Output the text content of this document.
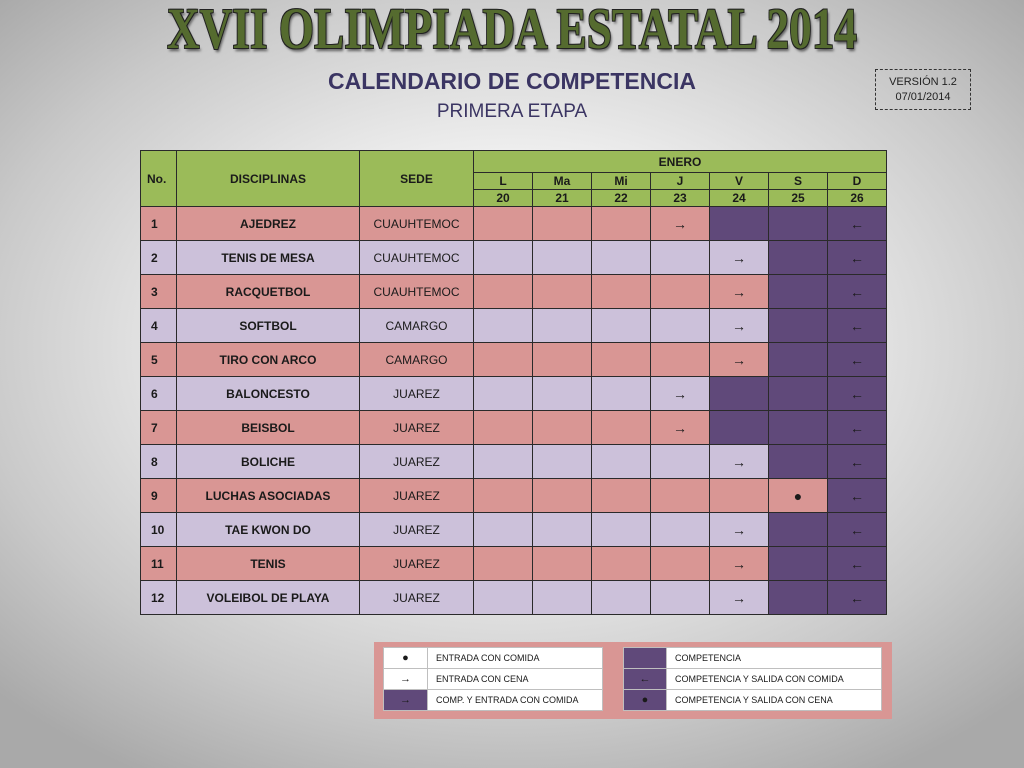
XVII OLIMPIADA ESTATAL 2014
CALENDARIO DE COMPETENCIA
PRIMERA ETAPA
VERSIÓN 1.2
07/01/2014
No.	DISCIPLINAS	SEDE	ENERO						
			L	Ma	Mi	J	V	S	D
			20	21	22	23	24	25	26
1	AJEDREZ	CUAUHTEMOC				→			←
2	TENIS DE MESA	CUAUHTEMOC					→		←
3	RACQUETBOL	CUAUHTEMOC					→		←
4	SOFTBOL	CAMARGO					→		←
5	TIRO CON ARCO	CAMARGO					→		←
6	BALONCESTO	JUAREZ				→			←
7	BEISBOL	JUAREZ				→			←
8	BOLICHE	JUAREZ					→		←
9	LUCHAS ASOCIADAS	JUAREZ						●	←
10	TAE KWON DO	JUAREZ					→		←
11	TENIS	JUAREZ					→		←
12	VOLEIBOL DE PLAYA	JUAREZ					→		←
●	ENTRADA CON COMIDA
→	ENTRADA CON CENA
→	COMP. Y ENTRADA CON COMIDA
	COMPETENCIA
←	COMPETENCIA Y SALIDA CON COMIDA
●	COMPETENCIA Y SALIDA CON CENA
